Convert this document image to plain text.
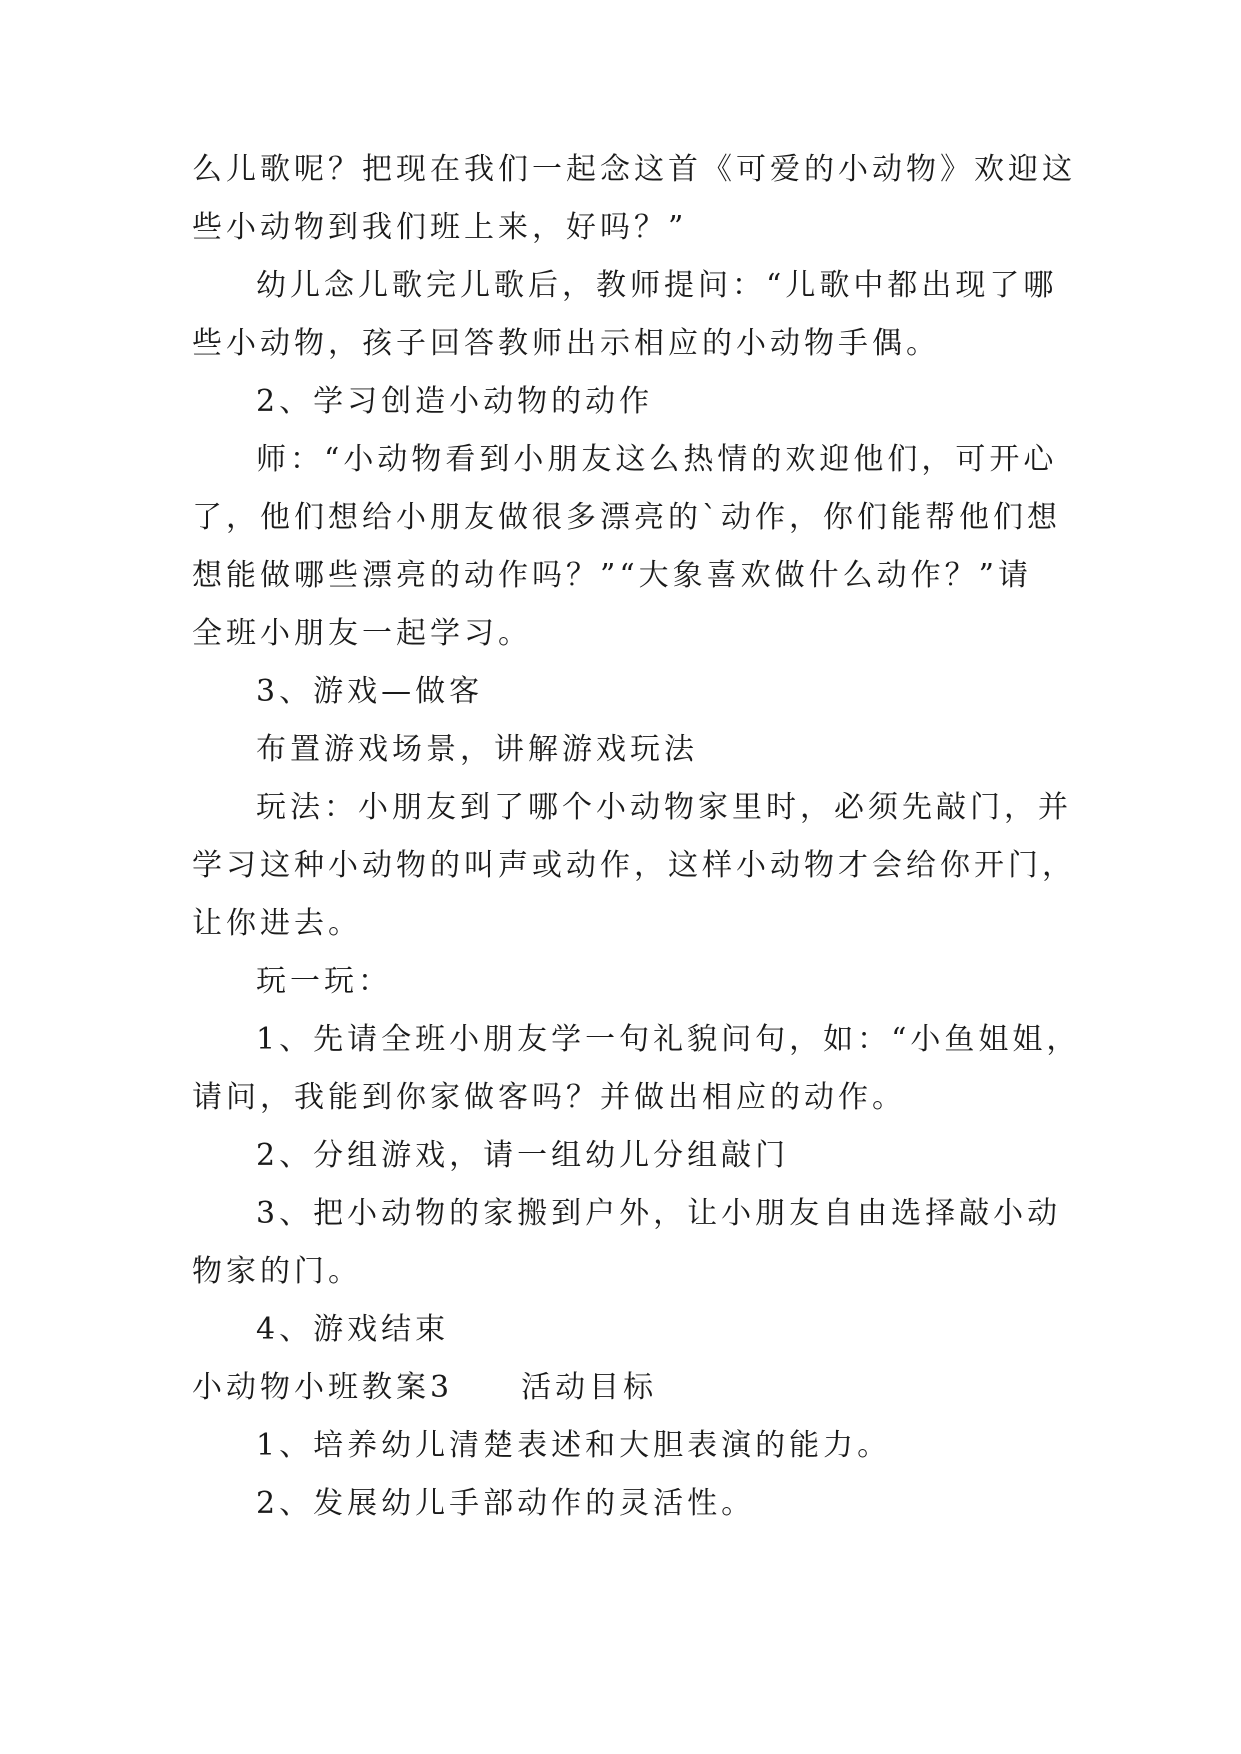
么儿歌呢？把现在我们一起念这首《可爱的小动物》欢迎这
些小动物到我们班上来，好吗？”
幼儿念儿歌完儿歌后，教师提问：“儿歌中都出现了哪
些小动物，孩子回答教师出示相应的小动物手偶。
2、学习创造小动物的动作
师：“小动物看到小朋友这么热情的欢迎他们，可开心
了，他们想给小朋友做很多漂亮的`动作，你们能帮他们想
想能做哪些漂亮的动作吗？”“大象喜欢做什么动作？”请
全班小朋友一起学习。
3、游戏—做客
布置游戏场景，讲解游戏玩法
玩法：小朋友到了哪个小动物家里时，必须先敲门，并
学习这种小动物的叫声或动作，这样小动物才会给你开门，
让你进去。
玩一玩：
1、先请全班小朋友学一句礼貌问句，如：“小鱼姐姐，
请问，我能到你家做客吗？并做出相应的动作。
2、分组游戏，请一组幼儿分组敲门
3、把小动物的家搬到户外，让小朋友自由选择敲小动
物家的门。
4、游戏结束
小动物小班教案3　　活动目标
1、培养幼儿清楚表述和大胆表演的能力。
2、发展幼儿手部动作的灵活性。
